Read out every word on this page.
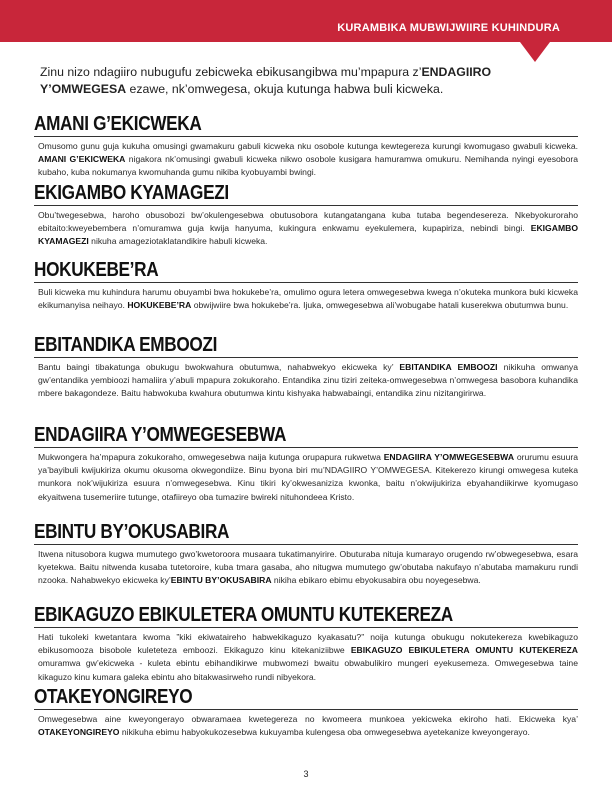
KURAMBIKA MUBWIJWIIRE KUHINDURA
Zinu nizo ndagiiro nubugufu zebicweka ebikusangibwa mu’mpapura z’ENDAGIIRO Y’OMWEGESA ezawe, nk’omwegesa, okuja kutunga habwa buli kicweka.
AMANI G’EKICWEKA
Omusomo gunu guja kukuha omusingi gwamakuru gabuli kicweka nku osobole kutunga kewtegereza kurungi kwomugaso gwabuli kicweka. AMANI G’EKICWEKA nigakora nk’omusingi gwabuli kicweka nikwo osobole kusigara hamuramwa omukuru. Nemihanda nyingi eyesobora kubaho, kuba nokumanya kwomuhanda gumu nikiba kyobuyambi bwingi.
EKIGAMBO KYAMAGEZI
Obu’twegesebwa, haroho obusobozi bw’okulengesebwa obutusobora kutangatangana kuba tutaba begendesereza. Nkebyokuroraho ebitaito:kweyebembera n’omuramwa guja kwija hanyuma, kukingura enkwamu eyekulemera, kupapiriza, nebindi bingi. EKIGAMBO KYAMAGEZI nikuha amageziotaklatandikire habuli kicweka.
HOKUKEBE’RA
Buli kicweka mu kuhindura harumu obuyambi bwa hokukebe’ra, omulimo ogura letera omwegesebwa kwega n’okuteka munkora buki kicweka ekikumanyisa neihayo. HOKUKEBE’RA obwijwiire bwa hokukebe’ra. Ijuka, omwegesebwa ali’wobugabe hatali kuserekwa obutumwa bunu.
EBITANDIKA EMBOOZI
Bantu baingi tibakatunga obukugu bwokwahura obutumwa, nahabwekyo ekicweka ky’ EBITANDIKA EMBOOZI nikikuha omwanya gw’entandika yembioozi hamaliira y’abuli mpapura zokukoraho. Entandika zinu tiziri zeiteka-omwegesebwa n’omwegesa basobora kuhandika mbere bakagondeze. Baitu habwokuba kwahura obutumwa kintu kishyaka habwabaingi, entandika zinu nizitangirirwa.
ENDAGIIRA Y’OMWEGESEBWA
Mukwongera ha’mpapura zokukoraho, omwegesebwa naija kutunga orupapura rukwetwa ENDAGIIRA Y’OMWEGESEBWA orurumu esuura ya’bayibuli kwijukiriza okumu okusoma okwegondiize. Binu byona biri mu’NDAGIIRO Y’OMWEGESA. Kitekerezo kirungi omwegesa kuteka munkora nok’wijukiriza esuura n’omwegesebwa. Kinu tikiri ky’okwesaniziza kwonka, baitu n’okwijukiriza ebyahandiikirwe kyomugaso ekyaitwena tusemeriire tutunge, otafiireyo oba tumazire bwireki nituhondeea Kristo.
EBINTU BY’OKUSABIRA
Itwena nitusobora kugwa mumutego gwo’kwetoroora musaara tukatimanyirire. Obuturaba nituja kumarayo orugendo rw’obwegesebwa, esara kyetekwa. Baitu nitwenda kusaba tutetoroire, kuba tmara gasaba, aho nitugwa mumutego gw’obutaba nakufayo n’abutaba mamakuru rundi nzooka. Nahabwekyo ekicweka ky’EBINTU BY’OKUSABIRA nikiha ebikaro ebimu ebyokusabira obu noyegesebwa.
EBIKAGUZO EBIKULETERA OMUNTU KUTEKEREZA
Hati tukoleki kwetantara kwoma ”kiki ekiwataireho habwekikaguzo kyakasatu?” noija kutunga obukugu nokutekereza kwebikaguzo ebikusomooza bisobole kuleteteza emboozi. Ekikaguzo kinu kitekaniziibwe EBIKAGUZO EBIKULETERA OMUNTU KUTEKEREZA omuramwa gw’ekicweka - kuleta ebintu ebihandikirwe mubwomezi bwaitu obwabulikiro mungeri eyekusemeza. Omwegesebwa taine kikaguzo kinu kumara galeka ebintu aho bitakwasirweho rundi nibyekora.
OTAKEYONGIREYO
Omwegesebwa aine kweyongerayo obwaramaea kwetegereza no kwomeera munkoea yekicweka ekiroho hati. Ekicweka kya’ OTAKEYONGIREYO nikikuha ebimu habyokukozesebwa kukuyamba kulengesa oba omwegesebwa ayetekanize kweyongerayo.
3
